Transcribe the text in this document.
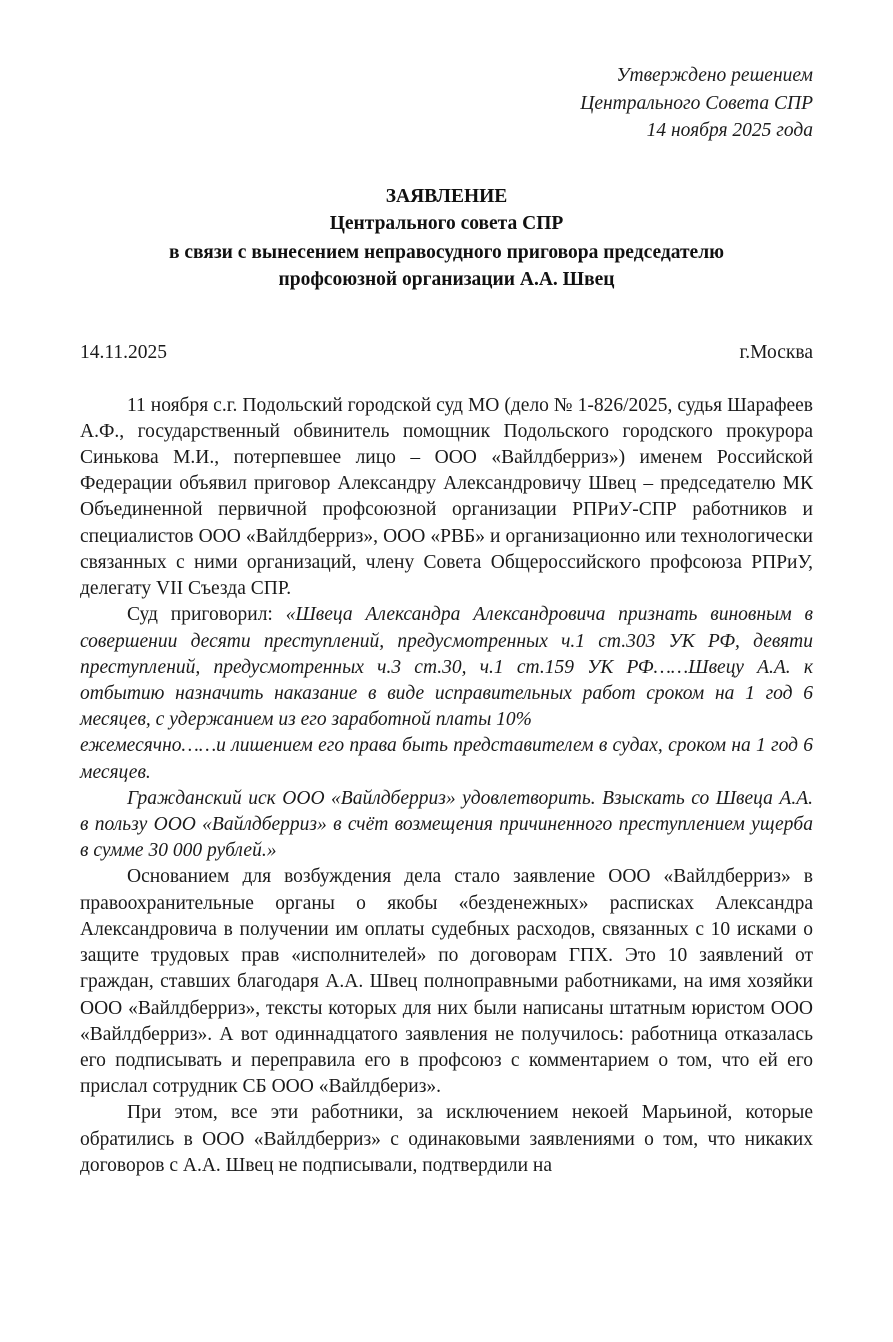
Утверждено решением
Центрального Совета СПР
14 ноября 2025 года
ЗАЯВЛЕНИЕ
Центрального совета СПР
в связи с вынесением неправосудного приговора председателю
профсоюзной организации А.А. Швец
14.11.2025	г.Москва

11 ноября с.г. Подольский городской суд МО (дело № 1-826/2025, судья Шарафеев А.Ф., государственный обвинитель помощник Подольского городского прокурора Синькова М.И., потерпевшее лицо – ООО «Вайлдберриз») именем Российской Федерации объявил приговор Александру Александровичу Швец – председателю МК Объединенной первичной профсоюзной организации РПРиУ-СПР работников и специалистов ООО «Вайлдберриз», ООО «РВБ» и организационно или технологически связанных с ними организаций, члену Совета Общероссийского профсоюза РПРиУ, делегату VII Съезда СПР.

Суд приговорил: «Швеца Александра Александровича признать виновным в совершении десяти преступлений, предусмотренных ч.1 ст.303 УК РФ, девяти преступлений, предусмотренных ч.3 ст.30, ч.1 ст.159 УК РФ……Швецу А.А. к отбытию назначить наказание в виде исправительных работ сроком на 1 год 6 месяцев, с удержанием из его заработной платы 10%

ежемесячно……и лишением его права быть представителем в судах, сроком на 1 год 6 месяцев.

Гражданский иск ООО «Вайлдберриз» удовлетворить. Взыскать со Швеца А.А. в пользу ООО «Вайлдберриз» в счёт возмещения причиненного преступлением ущерба в сумме 30 000 рублей.»

Основанием для возбуждения дела стало заявление ООО «Вайлдберриз» в правоохранительные органы о якобы «безденежных» расписках Александра Александровича в получении им оплаты судебных расходов, связанных с 10 исками о защите трудовых прав «исполнителей» по договорам ГПХ. Это 10 заявлений от граждан, ставших благодаря А.А. Швец полноправными работниками, на имя хозяйки ООО «Вайлдберриз», тексты которых для них были написаны штатным юристом ООО «Вайлдберриз». А вот одиннадцатого заявления не получилось: работница отказалась его подписывать и переправила его в профсоюз с комментарием о том, что ей его прислал сотрудник СБ ООО «Вайлдбериз».

При этом, все эти работники, за исключением некоей Марьиной, которые обратились в ООО «Вайлдберриз» с одинаковыми заявлениями о том, что никаких договоров с А.А. Швец не подписывали, подтвердили на
